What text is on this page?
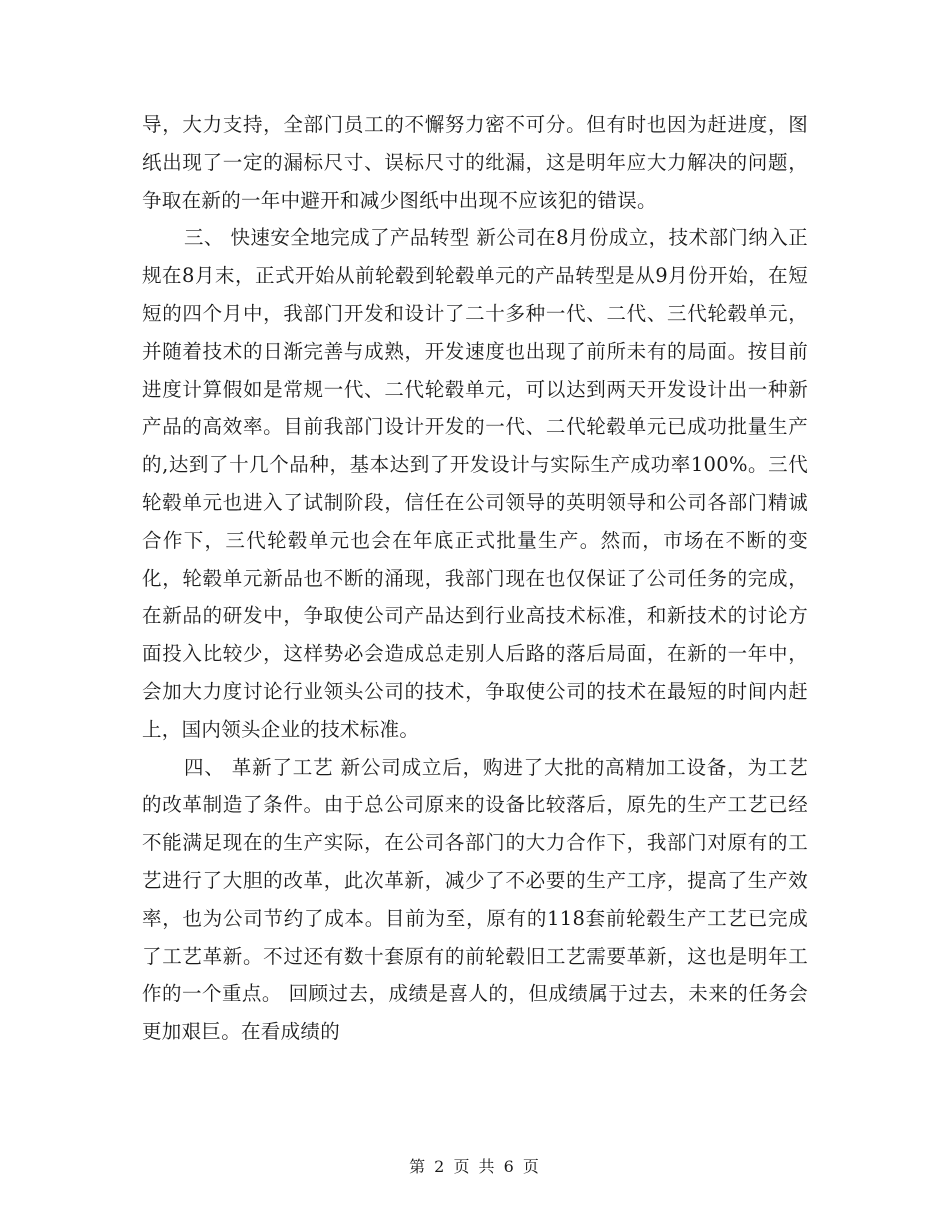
导，大力支持，全部门员工的不懈努力密不可分。但有时也因为赶进度，图纸出现了一定的漏标尺寸、误标尺寸的纰漏，这是明年应大力解决的问题，争取在新的一年中避开和减少图纸中出现不应该犯的错误。

三、 快速安全地完成了产品转型 新公司在8月份成立，技术部门纳入正规在8月末，正式开始从前轮毂到轮毂单元的产品转型是从9月份开始，在短短的四个月中，我部门开发和设计了二十多种一代、二代、三代轮毂单元，并随着技术的日渐完善与成熟，开发速度也出现了前所未有的局面。按目前进度计算假如是常规一代、二代轮毂单元，可以达到两天开发设计出一种新产品的高效率。目前我部门设计开发的一代、二代轮毂单元已成功批量生产的,达到了十几个品种，基本达到了开发设计与实际生产成功率100%。三代轮毂单元也进入了试制阶段，信任在公司领导的英明领导和公司各部门精诚合作下，三代轮毂单元也会在年底正式批量生产。然而，市场在不断的变化，轮毂单元新品也不断的涌现，我部门现在也仅保证了公司任务的完成，在新品的研发中，争取使公司产品达到行业高技术标准，和新技术的讨论方面投入比较少，这样势必会造成总走别人后路的落后局面，在新的一年中，会加大力度讨论行业领头公司的技术，争取使公司的技术在最短的时间内赶上，国内领头企业的技术标准。

四、 革新了工艺 新公司成立后，购进了大批的高精加工设备，为工艺的改革制造了条件。由于总公司原来的设备比较落后，原先的生产工艺已经不能满足现在的生产实际，在公司各部门的大力合作下，我部门对原有的工艺进行了大胆的改革，此次革新，减少了不必要的生产工序，提高了生产效率，也为公司节约了成本。目前为至，原有的118套前轮毂生产工艺已完成了工艺革新。不过还有数十套原有的前轮毂旧工艺需要革新，这也是明年工作的一个重点。 回顾过去，成绩是喜人的，但成绩属于过去，未来的任务会更加艰巨。在看成绩的

第 2 页 共 6 页
